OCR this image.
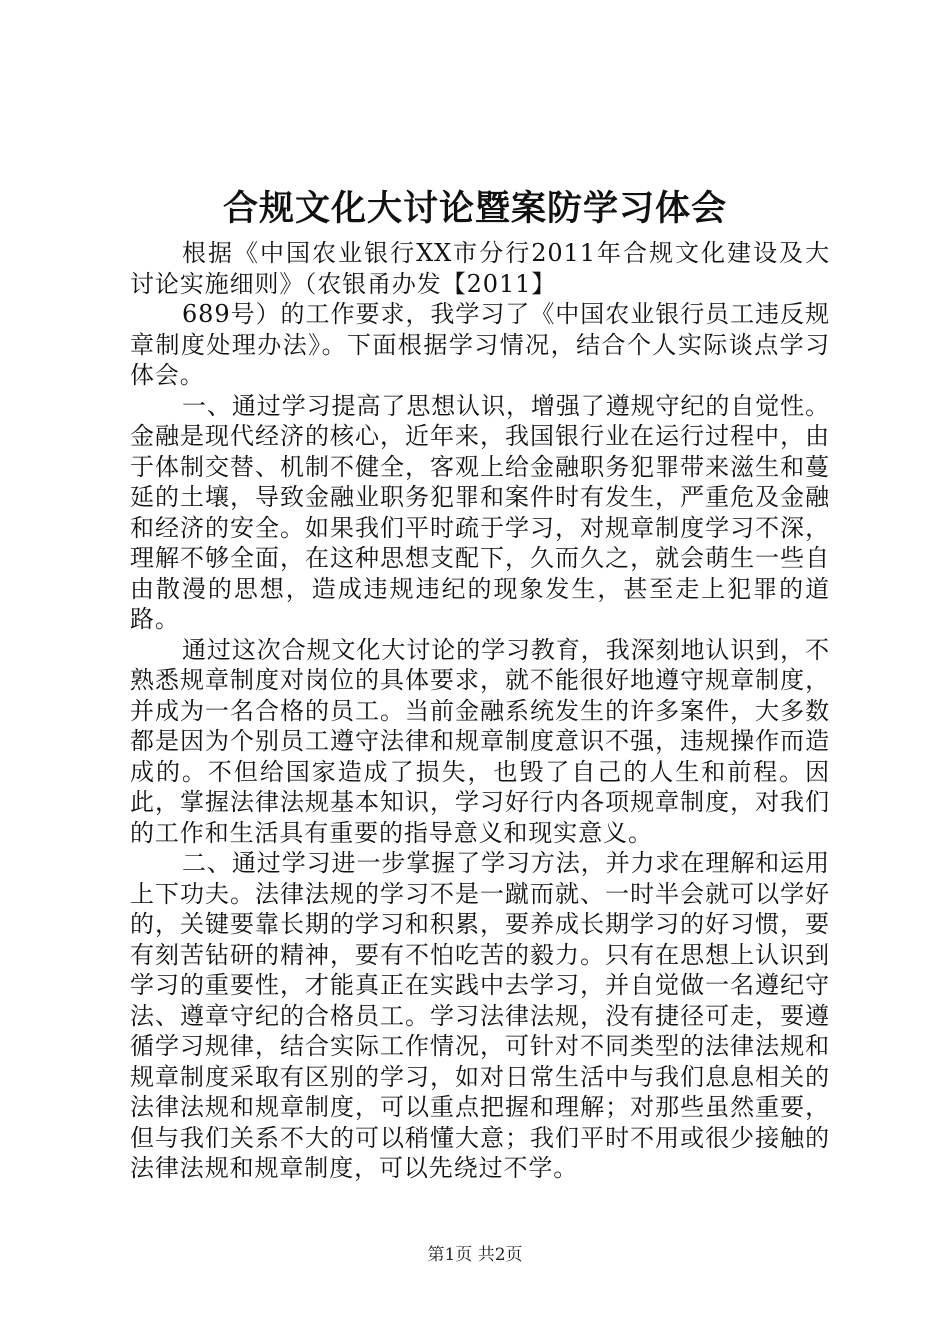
合规文化大讨论暨案防学习体会

根据《中国农业银行XX市分行2011年合规文化建设及大讨论实施细则》（农银甬办发【2011】

689号）的工作要求，我学习了《中国农业银行员工违反规章制度处理办法》。下面根据学习情况，结合个人实际谈点学习体会。

一、通过学习提高了思想认识，增强了遵规守纪的自觉性。金融是现代经济的核心，近年来，我国银行业在运行过程中，由于体制交替、机制不健全，客观上给金融职务犯罪带来滋生和蔓延的土壤，导致金融业职务犯罪和案件时有发生，严重危及金融和经济的安全。如果我们平时疏于学习，对规章制度学习不深，理解不够全面，在这种思想支配下，久而久之，就会萌生一些自由散漫的思想，造成违规违纪的现象发生，甚至走上犯罪的道路。

通过这次合规文化大讨论的学习教育，我深刻地认识到，不熟悉规章制度对岗位的具体要求，就不能很好地遵守规章制度，并成为一名合格的员工。当前金融系统发生的许多案件，大多数都是因为个别员工遵守法律和规章制度意识不强，违规操作而造成的。不但给国家造成了损失，也毁了自己的人生和前程。因此，掌握法律法规基本知识，学习好行内各项规章制度，对我们的工作和生活具有重要的指导意义和现实意义。

二、通过学习进一步掌握了学习方法，并力求在理解和运用上下功夫。法律法规的学习不是一蹴而就、一时半会就可以学好的，关键要靠长期的学习和积累，要养成长期学习的好习惯，要有刻苦钻研的精神，要有不怕吃苦的毅力。只有在思想上认识到学习的重要性，才能真正在实践中去学习，并自觉做一名遵纪守法、遵章守纪的合格员工。学习法律法规，没有捷径可走，要遵循学习规律，结合实际工作情况，可针对不同类型的法律法规和规章制度采取有区别的学习，如对日常生活中与我们息息相关的法律法规和规章制度，可以重点把握和理解；对那些虽然重要，但与我们关系不大的可以稍懂大意；我们平时不用或很少接触的法律法规和规章制度，可以先绕过不学。

第1页 共2页
